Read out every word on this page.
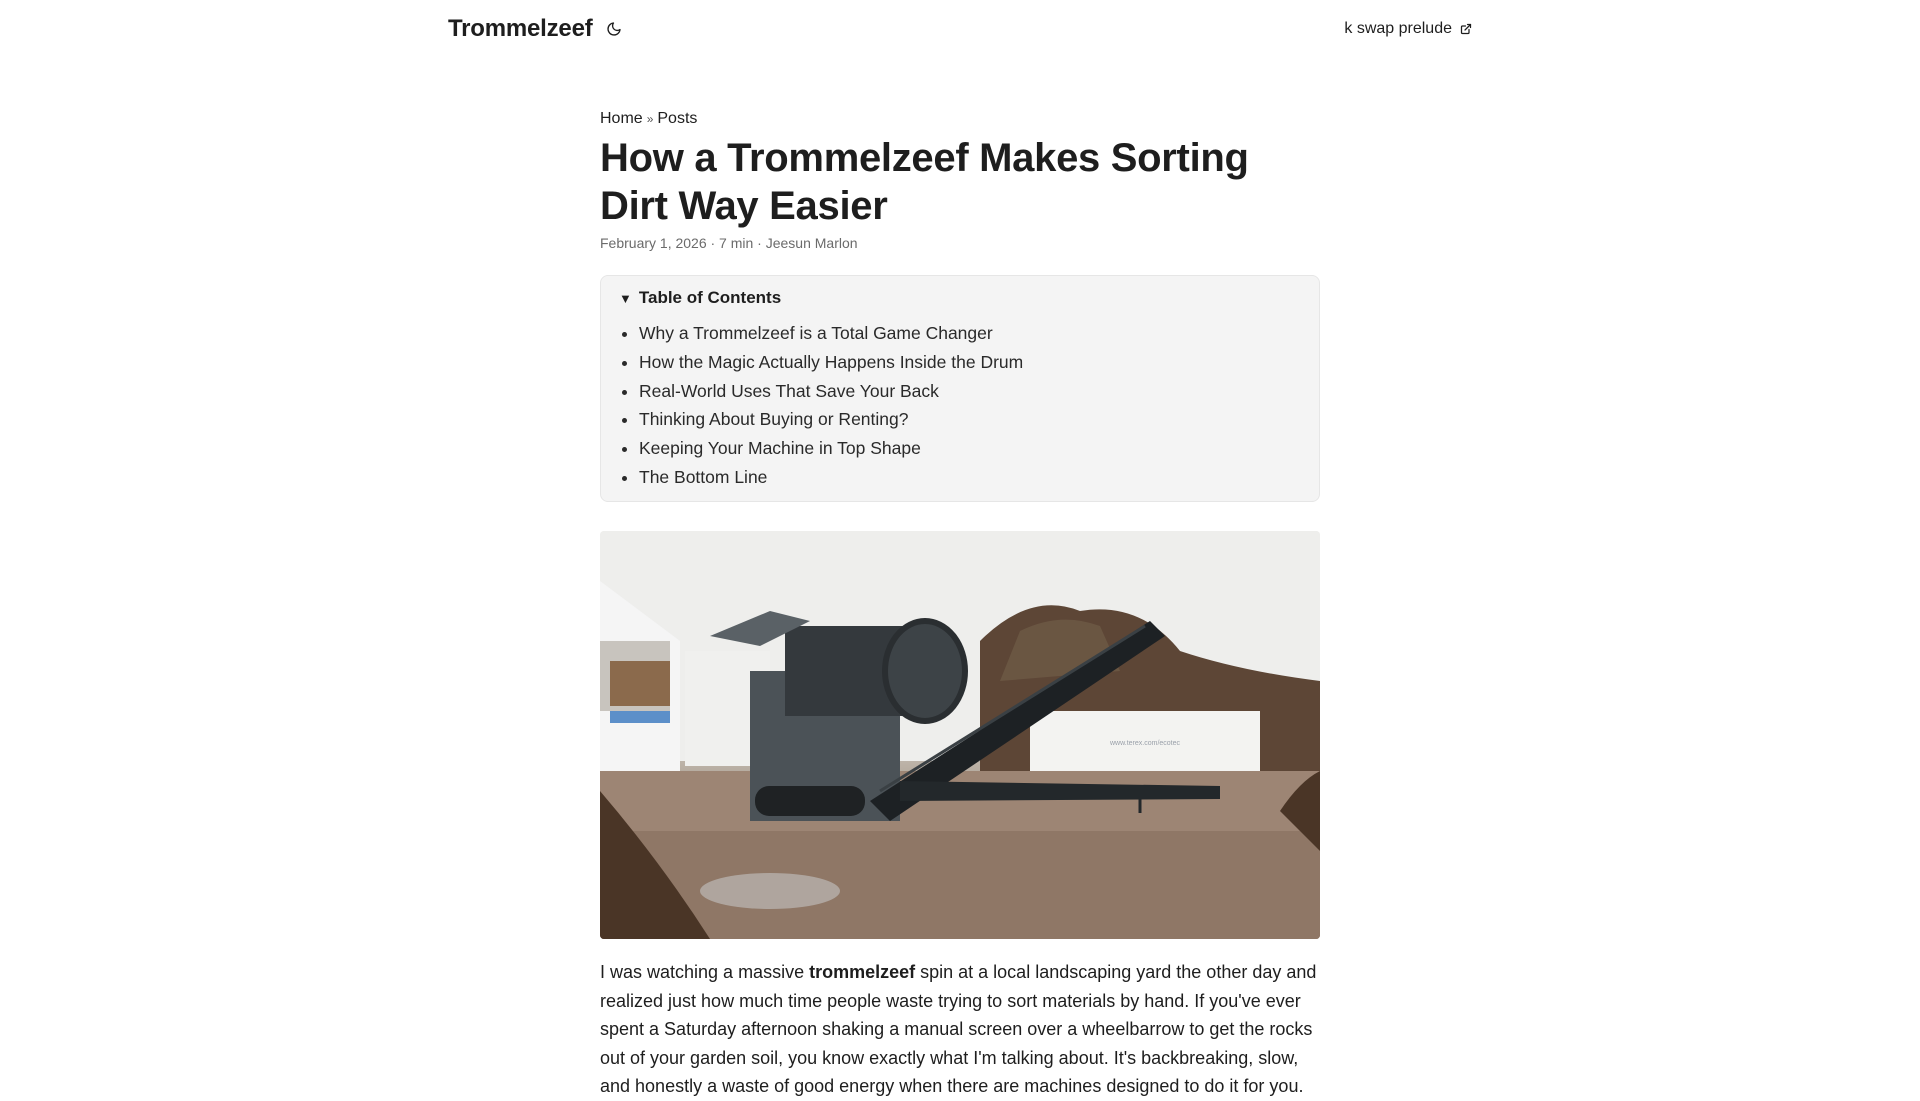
Trommelzeef	k swap prelude
Home » Posts
How a Trommelzeef Makes Sorting Dirt Way Easier
February 1, 2026 · 7 min · Jeesun Marlon
▼ Table of Contents
Why a Trommelzeef is a Total Game Changer
How the Magic Actually Happens Inside the Drum
Real-World Uses That Save Your Back
Thinking About Buying or Renting?
Keeping Your Machine in Top Shape
The Bottom Line
www.terex.com/ecotec

I was watching a massive trommelzeef spin at a local landscaping yard the other day and realized just how much time people waste trying to sort materials by hand. If you've ever spent a Saturday afternoon shaking a manual screen over a wheelbarrow to get the rocks out of your garden soil, you know exactly what I'm talking about. It's backbreaking, slow, and honestly a waste of good energy when there are machines designed to do it for you.
